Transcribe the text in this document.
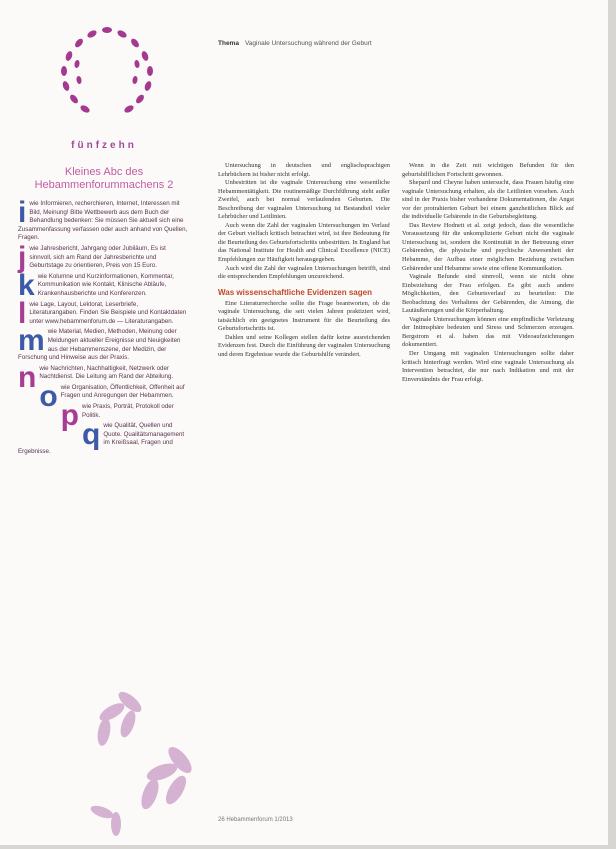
fünfzehn
Kleines Abc des Hebammenforummachens 2
i wie Informieren, recherchieren, Internet, Interessen mit Bild, Meinung! Bitte Wettbewerb aus dem Buch der Behandlung bedenken: Sie müssen Sie aktuell sich eine Zusammenfassung verfassen oder auch anhand von Quellen, Fragen.

j wie Jahresbericht, Jahrgang oder Jubiläum, Es ist sinnvoll, sich am Rand der Jahresberichte und Geburtstage zu orientieren, Preis von 15 Euro.

k wie Kolumne und Kurzinformationen, Kommentar, Kommunikation wie Kontakt, Klinische Abläufe, Krankenhausberichte und Konferenzen.

l wie Lage, Layout, Lektorat, Leserbriefe, Literaturangaben. Finden Sie Beispiele und Kontaktdaten unter www.hebammenforum.de — Literaturangaben.

m wie Material, Medien, Methoden, Meinung oder Meldungen aktueller Ereignisse und Neuigkeiten aus der Hebammenszene, der Medizin, der Forschung und Hinweise aus der Praxis.

n wie Nachrichten, Nachhaltigkeit, Netzwerk oder Nachtdienst. Die Leitung am Rand der Abteilung.

o wie Organisation, Öffentlichkeit, Offenheit auf Fragen und Anregungen der Hebammen.

p wie Praxis, Porträt, Protokoll oder Politik.

q wie Qualität, Quellen und Quote. Qualitätsmanagement im Kreißsaal, Fragen und Ergebnisse.

Thema Vaginale Untersuchung während der Geburt

Untersuchung in deutschen und englischsprachigen Lehrbüchern ist bisher nicht erfolgt.

Unbestritten ist die vaginale Untersuchung eine wesentliche Hebammentätigkeit. Die routinemäßige Durchführung steht außer Zweifel, auch bei normal verlaufenden Geburten. Die Beschreibung der vaginalen Untersuchung ist Bestandteil vieler Lehrbücher und Leitlinien.

Auch wenn die Zahl der vaginalen Untersuchungen im Verlauf der Geburt vielfach kritisch betrachtet wird, ist ihre Bedeutung für die Beurteilung des Geburtsfortschritts unbestritten. In England hat das National Institute for Health and Clinical Excellence (NICE) Empfehlungen zur Häufigkeit herausgegeben.

Auch wird die Zahl der vaginalen Untersuchungen betrifft, sind die entsprechenden Empfehlungen unzureichend.

Was wissenschaftliche Evidenzen sagen

Eine Literaturrecherche sollte die Frage beantworten, ob die vaginale Untersuchung, die seit vielen Jahren praktiziert wird, tatsächlich ein geeignetes Instrument für die Beurteilung des Geburtsfortschritts ist.

Dahlen und seine Kollegen stellen dafür keine ausreichenden Evidenzen fest. Durch die Einführung der vaginalen Untersuchung und deren Ergebnisse wurde die Geburtshilfe verändert.

Wenn in die Zeit mit wichtigen Befunden für den geburtshilflichen Fortschritt gewonnen.

Shepard und Cheyne haben untersucht, dass Frauen häufig eine vaginale Untersuchung erhalten, als die Leitlinien vorsehen. Auch sind in der Praxis bisher vorhandene Dokumentationen, die Angst vor der protrahierten Geburt bei einem ganzheitlichen Blick auf die individuelle Gebärende in die Geburtsbegleitung.

Das Review Hodnett et al. zeigt jedoch, dass die wesentliche Voraussetzung für die unkomplizierte Geburt nicht die vaginale Untersuchung ist, sondern die Kontinuität in der Betreuung einer Gebärenden, die physische und psychische Anwesenheit der Hebamme, der Aufbau einer möglichen Beziehung zwischen Gebärender und Hebamme sowie eine offene Kommunikation.

Vaginale Befunde sind sinnvoll, wenn sie nicht ohne Einbeziehung der Frau erfolgen. Es gibt auch andere Möglichkeiten, den Geburtsverlauf zu beurteilen: Die Beobachtung des Verhaltens der Gebärenden, die Atmung, die Lautäußerungen und die Körperhaltung.

Vaginale Untersuchungen können eine empfindliche Verletzung der Intimsphäre bedeuten und Stress und Schmerzen erzeugen. Bergstrom et al. haben das mit Videoaufzeichnungen dokumentiert.

Der Umgang mit vaginalen Untersuchungen sollte daher kritisch hinterfragt werden. Wird eine vaginale Untersuchung als Intervention betrachtet, die nur nach Indikation und mit der Einverständnis der Frau erfolgt.

26 Hebammenforum 1/2013
